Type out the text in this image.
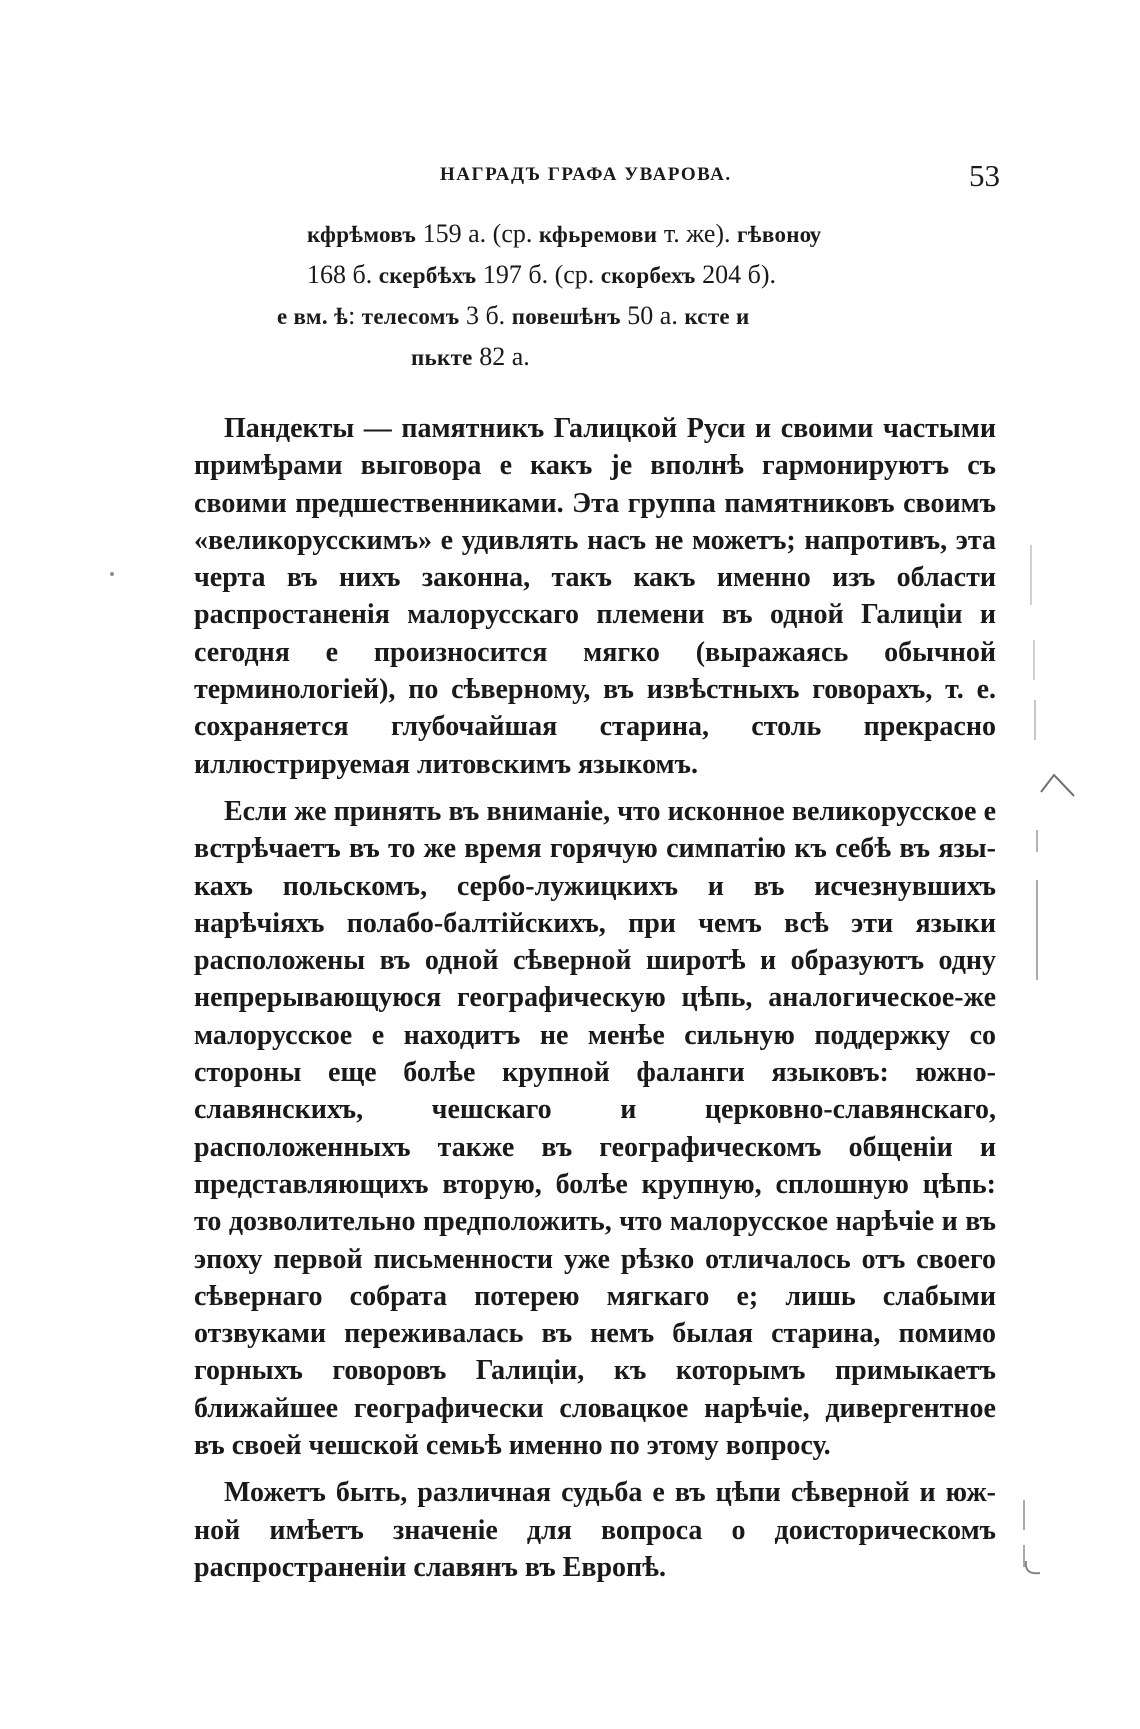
НАГРАДЪ ГРАФА УВАРОВА.	53
кфрѣмовъ 159 а. (ср. кфьремови т. же). гѣвонѹ
168 б. скербѣхъ 197 б. (ср. скорбехъ 204 б).
е вм. ѣ: телесомъ 3 б. повешѣнъ 50 а. ксте и
пькте 82 а.

Пандекты — памятникъ Галицкой Руси и своими частыми примѣрами выговора е какъ је вполнѣ гармонируютъ съ своими предшественниками. Эта группа памятниковъ своимъ «великорусскимъ» е удивлять насъ не можетъ; напротивъ, эта черта въ нихъ законна, такъ какъ именно изъ области распростаненія малорусскаго племени въ одной Галиціи и сегодня е произносится мягко (выражаясь обычной терминологіей), по сѣверному, въ извѣстныхъ говорахъ, т. е. сохраняется глубочайшая старина, столь прекрасно иллюстрируемая литовскимъ языкомъ.

Если же принять въ вниманіе, что исконное великорусское е встрѣчаетъ въ то же время горячую симпатію къ себѣ въ языкахъ польскомъ, сербо-лужицкихъ и въ исчезнувшихъ нарѣчіяхъ полабо-балтійскихъ, при чемъ всѣ эти языки расположены въ одной сѣверной широтѣ и образуютъ одну непрерывающуюся географическую цѣпь, аналогическое-же малорусское е находитъ не менѣе сильную поддержку со стороны еще болѣе крупной фаланги языковъ: южно-славянскихъ, чешскаго и церковно-славянскаго, расположенныхъ также въ географическомъ общеніи и представляющихъ вторую, болѣе крупную, сплошную цѣпь: то дозволительно предположить, что малорусское нарѣчіе и въ эпоху первой письменности уже рѣзко отличалось отъ своего сѣвернаго собрата потерею мягкаго е; лишь слабыми отзвуками переживалась въ немъ былая старина, помимо горныхъ говоровъ Галиціи, къ которымъ примыкаетъ ближайшее географически словацкое нарѣчіе, дивергентное въ своей чешской семьѣ именно по этому вопросу.

Можетъ быть, различная судьба е въ цѣпи сѣверной и южной имѣетъ значеніе для вопроса о доисторическомъ распространеніи славянъ въ Европѣ.
